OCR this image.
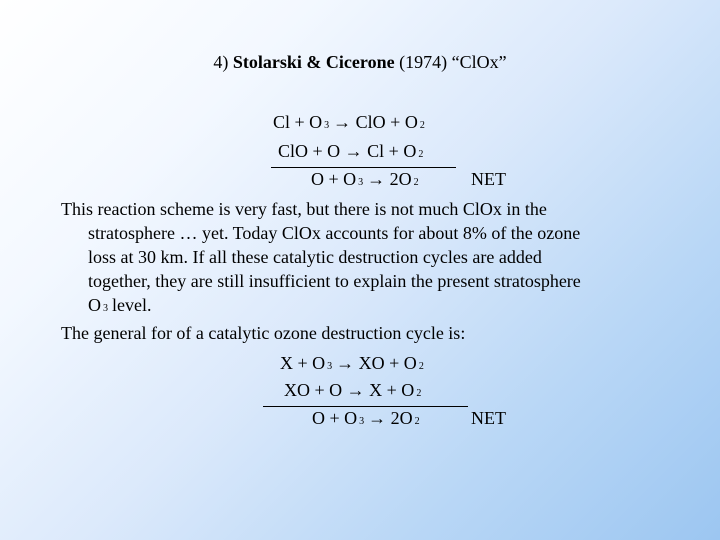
4) Stolarski & Cicerone (1974) “ClOx”
Cl + O 3 → ClO + O 2
ClO + O → Cl + O 2
O + O 3 → 2O 2	NET
This reaction scheme is very fast, but there is not much ClOx in the
stratosphere … yet. Today ClOx accounts for about 8% of the ozone
loss at 30 km. If all these catalytic destruction cycles are added
together, they are still insufficient to explain the present stratosphere
O 3 level.
The general for of a catalytic ozone destruction cycle is:
X + O 3 → XO + O 2
XO + O → X + O 2
O + O 3 → 2O 2	NET
